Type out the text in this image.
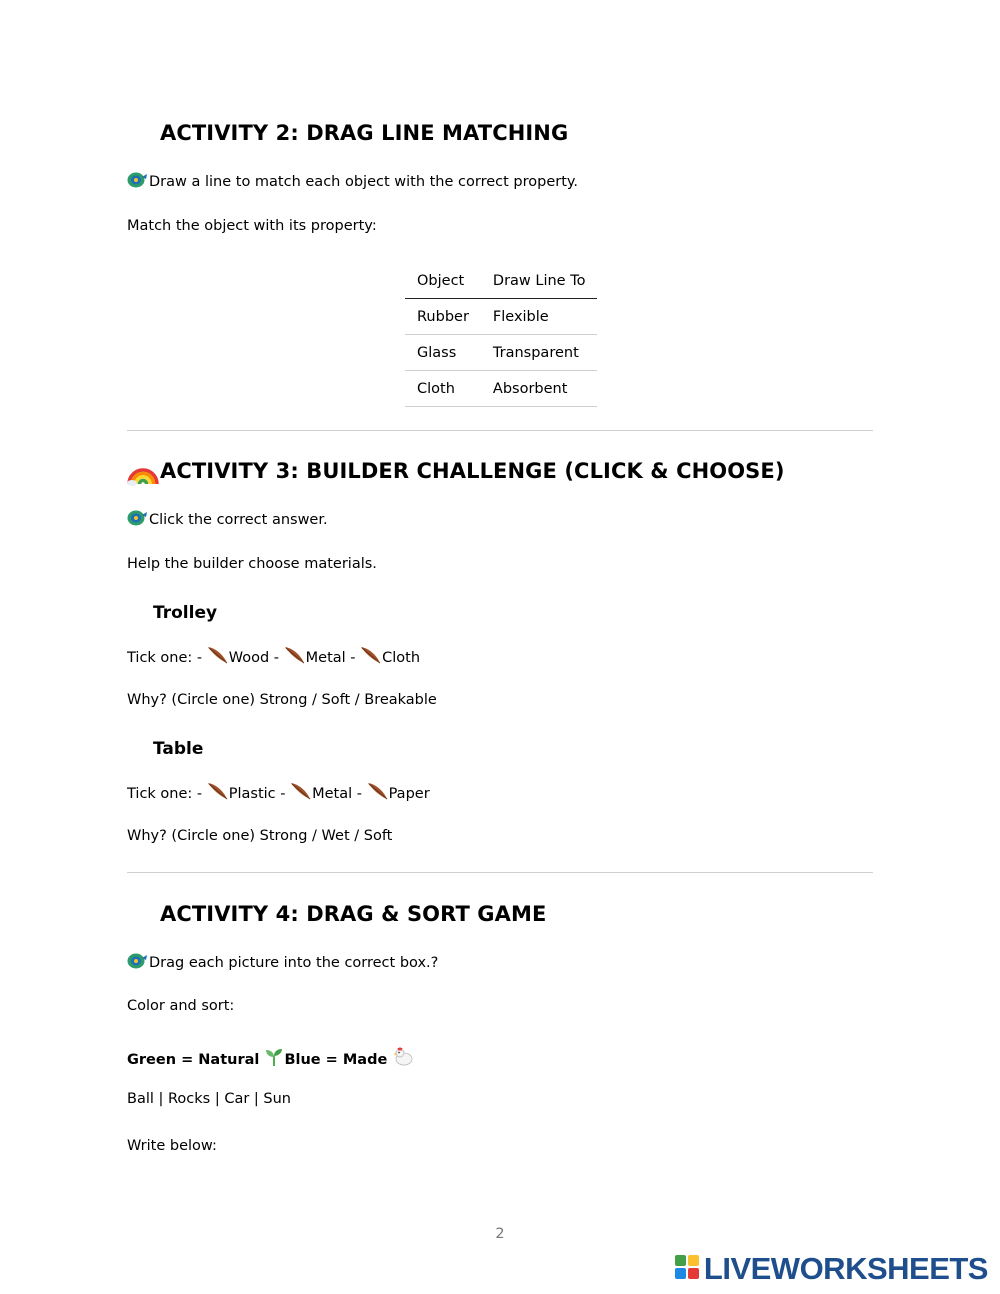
ACTIVITY 2: DRAG LINE MATCHING
Draw a line to match each object with the correct property.
Match the object with its property:
Object	Draw Line To
Rubber	Flexible
Glass	Transparent
Cloth	Absorbent
ACTIVITY 3: BUILDER CHALLENGE (CLICK & CHOOSE)
Click the correct answer.
Help the builder choose materials.
Trolley
Tick one: - Wood - Metal - Cloth
Why? (Circle one) Strong / Soft / Breakable
Table
Tick one: - Plastic - Metal - Paper
Why? (Circle one) Strong / Wet / Soft
ACTIVITY 4: DRAG & SORT GAME
Drag each picture into the correct box.?
Color and sort:
Green = Natural Blue = Made
Ball | Rocks | Car | Sun
Write below:
2
LIVEWORKSHEETS
